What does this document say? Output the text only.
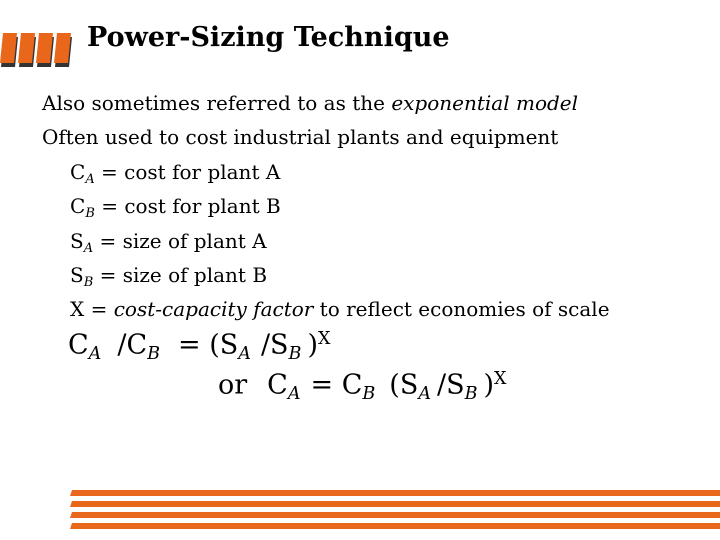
Power-Sizing Technique
Also sometimes referred to as the exponential model
Often used to cost industrial plants and equipment
$C_A = \cos t$ for plant A
$C_B = \cos t$ for plant B
$S_A$ = size of plant A
$S_B$ = size of plant B
X = cost-capacity factor to reflect economies of scale
$C_A$ $/C_B = (S_A$ $/S_B$ )$^X$
or $C_A = C_B$ ($S_A$ $/S_B$ )$^X$
